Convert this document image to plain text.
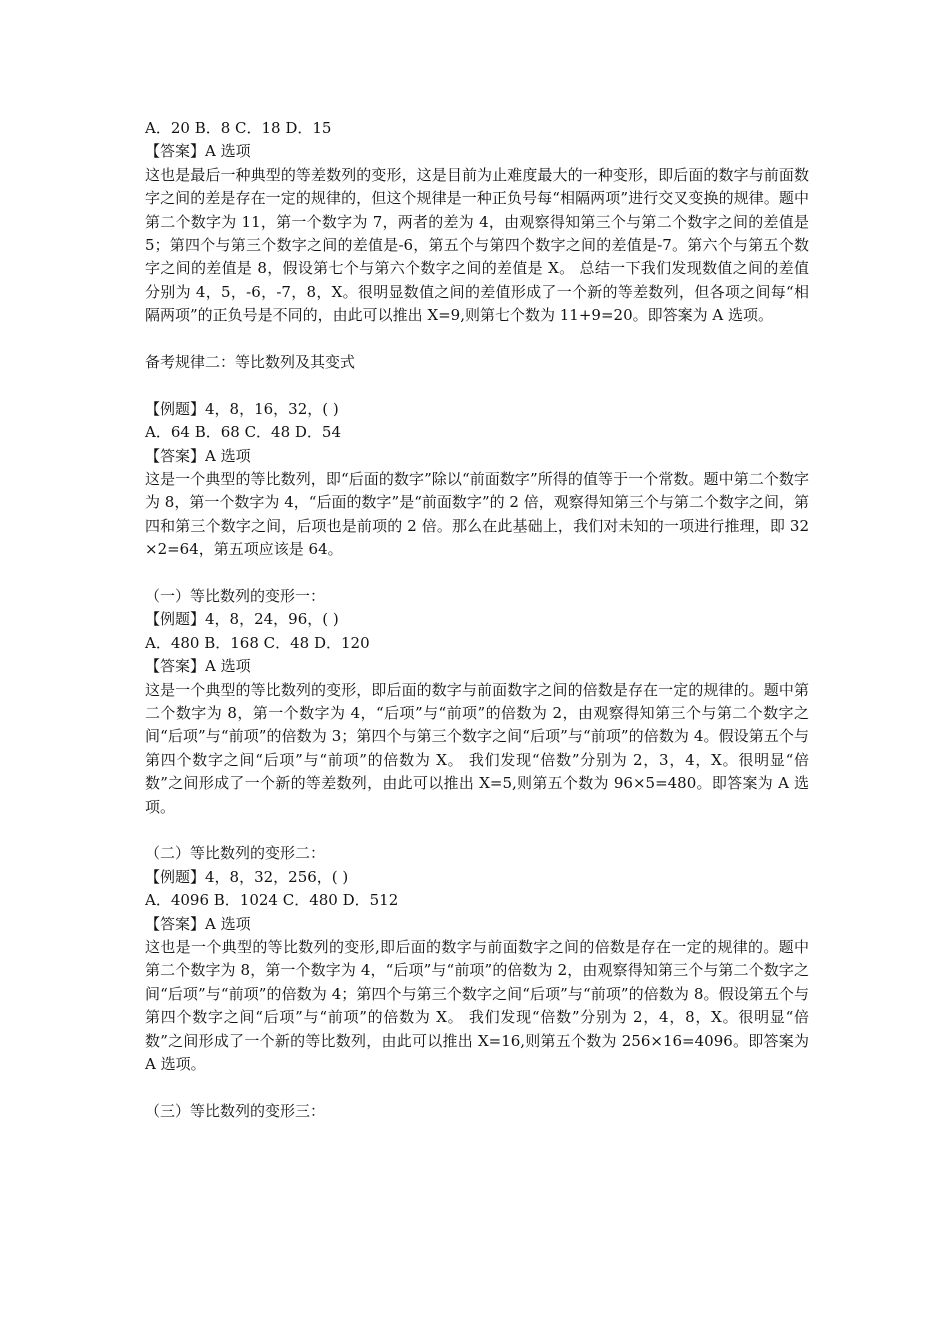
A．20 B．8 C．18 D．15
【答案】A 选项
这也是最后一种典型的等差数列的变形，这是目前为止难度最大的一种变形，即后面的数字与前面数字之间的差是存在一定的规律的，但这个规律是一种正负号每“相隔两项”进行交叉变换的规律。题中第二个数字为 11，第一个数字为 7，两者的差为 4，由观察得知第三个与第二个数字之间的差值是 5；第四个与第三个数字之间的差值是-6，第五个与第四个数字之间的差值是-7。第六个与第五个数字之间的差值是 8，假设第七个与第六个数字之间的差值是 X。 总结一下我们发现数值之间的差值分别为 4，5，-6，-7，8，X。很明显数值之间的差值形成了一个新的等差数列，但各项之间每“相隔两项”的正负号是不同的，由此可以推出 X=9,则第七个数为 11+9=20。即答案为 A 选项。
备考规律二：等比数列及其变式
【例题】4，8，16，32，( )
A．64 B．68 C．48 D．54
【答案】A 选项
这是一个典型的等比数列，即“后面的数字”除以“前面数字”所得的值等于一个常数。题中第二个数字为 8，第一个数字为 4，“后面的数字”是“前面数字”的 2 倍，观察得知第三个与第二个数字之间，第四和第三个数字之间，后项也是前项的 2 倍。那么在此基础上，我们对未知的一项进行推理，即 32×2=64，第五项应该是 64。
（一）等比数列的变形一：
【例题】4，8，24，96，( )
A．480 B．168 C．48 D．120
【答案】A 选项
这是一个典型的等比数列的变形，即后面的数字与前面数字之间的倍数是存在一定的规律的。题中第二个数字为 8，第一个数字为 4，“后项”与“前项”的倍数为 2，由观察得知第三个与第二个数字之间“后项”与“前项”的倍数为 3；第四个与第三个数字之间“后项”与“前项”的倍数为 4。假设第五个与第四个数字之间“后项”与“前项”的倍数为 X。 我们发现“倍数”分别为 2，3，4，X。很明显“倍数”之间形成了一个新的等差数列，由此可以推出 X=5,则第五个数为 96×5=480。即答案为 A 选项。
（二）等比数列的变形二：
【例题】4，8，32，256，( )
A．4096 B．1024 C．480 D．512
【答案】A 选项
这也是一个典型的等比数列的变形,即后面的数字与前面数字之间的倍数是存在一定的规律的。题中第二个数字为 8，第一个数字为 4，“后项”与“前项”的倍数为 2，由观察得知第三个与第二个数字之间“后项”与“前项”的倍数为 4；第四个与第三个数字之间“后项”与“前项”的倍数为 8。假设第五个与第四个数字之间“后项”与“前项”的倍数为 X。 我们发现“倍数”分别为 2，4，8，X。很明显“倍数”之间形成了一个新的等比数列，由此可以推出 X=16,则第五个数为 256×16=4096。即答案为 A 选项。
（三）等比数列的变形三：
